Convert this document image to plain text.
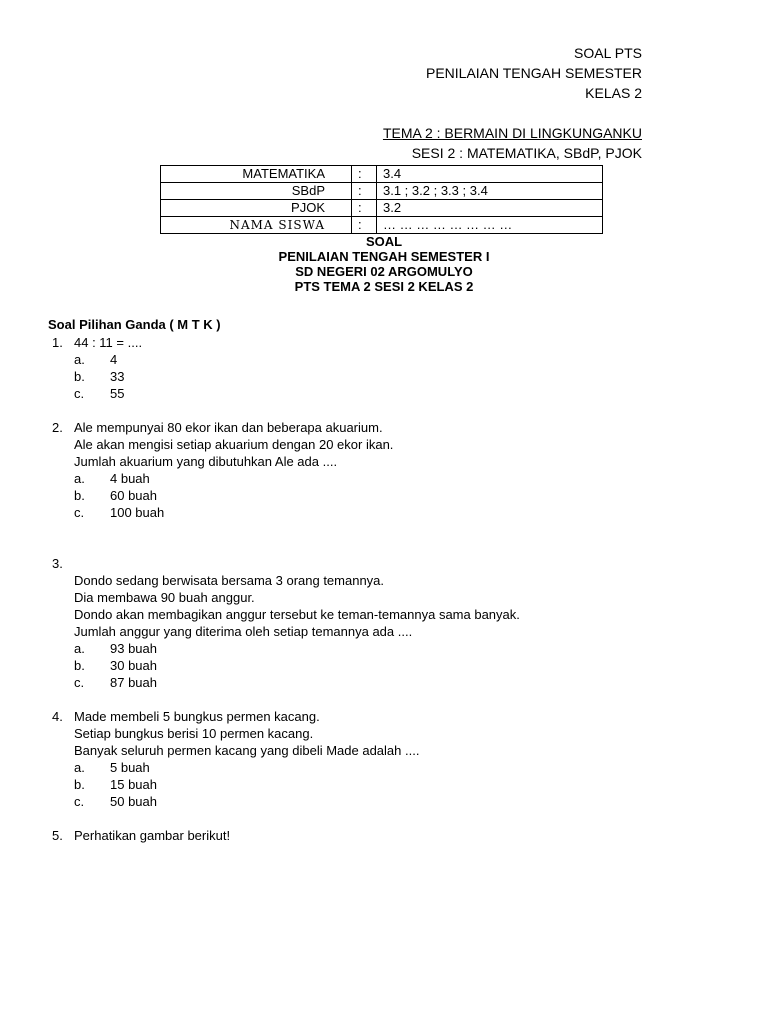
SOAL PTS
PENILAIAN TENGAH SEMESTER
KELAS 2
TEMA 2 : BERMAIN DI LINGKUNGANKU
SESI 2 : MATEMATIKA, SBdP, PJOK
MATEMATIKA	:	3.4
SBdP	:	3.1 ; 3.2 ; 3.3 ; 3.4
PJOK	:	3.2
NAMA SISWA	:	… … … … … … … …
SOAL
PENILAIAN TENGAH SEMESTER I
SD NEGERI 02 ARGOMULYO
PTS TEMA 2 SESI 2 KELAS 2
Soal Pilihan Ganda ( M T K )
1. 44 : 11 = ....
a. 4
b. 33
c. 55
2. Ale mempunyai 80 ekor ikan dan beberapa akuarium.
Ale akan mengisi setiap akuarium dengan 20 ekor ikan.
Jumlah akuarium yang dibutuhkan Ale ada ....
a. 4 buah
b. 60 buah
c. 100 buah
3.
Dondo sedang berwisata bersama 3 orang temannya.
Dia membawa 90 buah anggur.
Dondo akan membagikan anggur tersebut ke teman-temannya sama banyak.
Jumlah anggur yang diterima oleh setiap temannya ada ....
a. 93 buah
b. 30 buah
c. 87 buah
4. Made membeli 5 bungkus permen kacang.
Setiap bungkus berisi 10 permen kacang.
Banyak seluruh permen kacang yang dibeli Made adalah ....
a. 5 buah
b. 15 buah
c. 50 buah
5. Perhatikan gambar berikut!
